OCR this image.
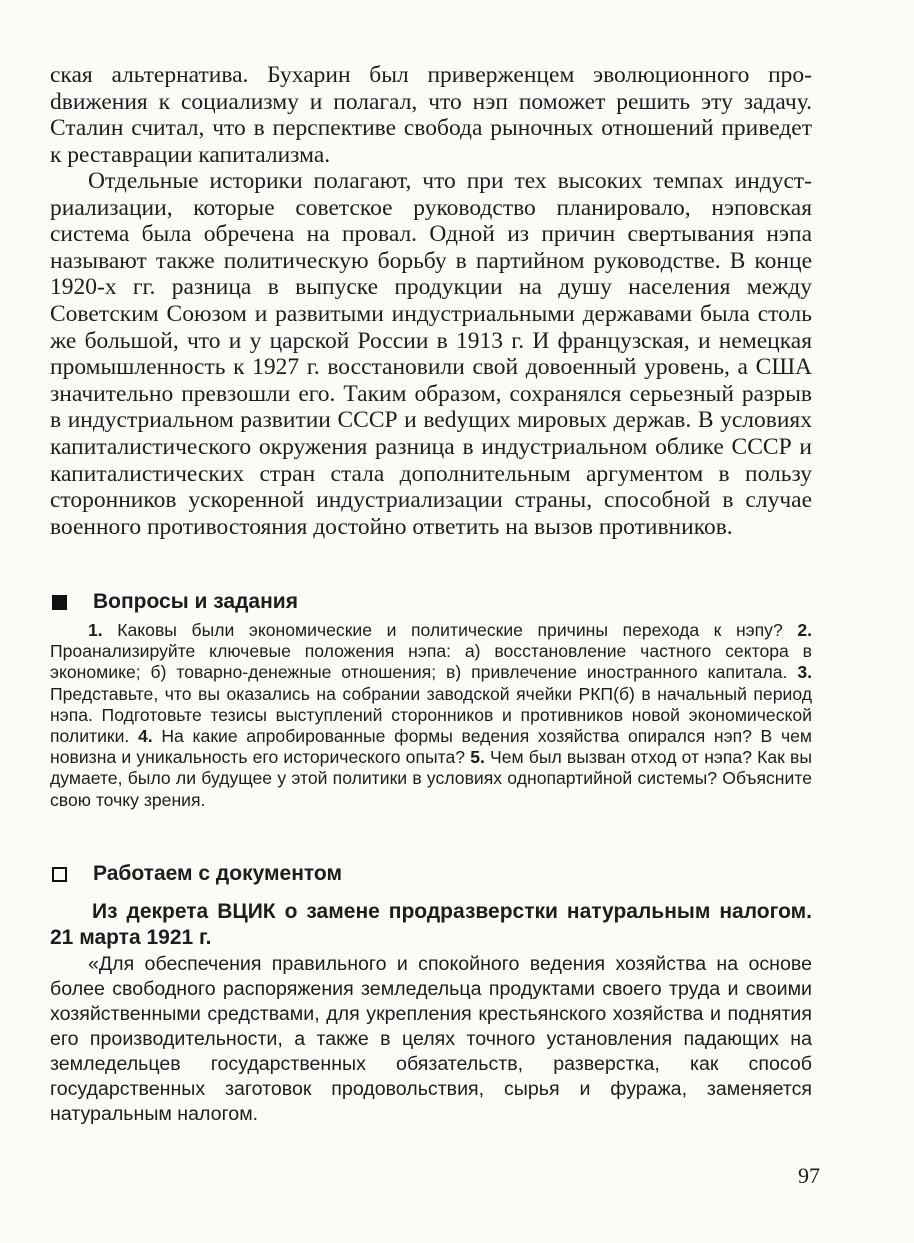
ская альтернатива. Бухарин был приверженцем эволюционного проdвижения к социализму и полагал, что нэп поможет решить эту задачу. Сталин считал, что в перспективе свобода рыночных отношений приведет к реставрации капитализма.

Отдельные историки полагают, что при тех высоких темпах индустриализации, которые советское руководство планировало, нэповская система была обречена на провал. Одной из причин свертывания нэпа называют также политическую борьбу в партийном руководстве. В конце 1920-х гг. разница в выпуске продукции на душу населения между Советским Союзом и развитыми индустриальными державами была столь же большой, что и у царской России в 1913 г. И французская, и немецкая промышленность к 1927 г. восстановили свой довоенный уровень, а США значительно превзошли его. Таким образом, сохранялся серьезный разрыв в индустриальном развитии СССР и веdущих мировых держав. В условиях капиталистического окружения разница в индустриальном облике СССР и капиталистических стран стала дополнительным аргументом в пользу сторонников ускоренной индустриализации страны, способной в случае военного противостояния достойно ответить на вызов противников.

Вопросы и задания

1. Каковы были экономические и политические причины перехода к нэпу? 2. Проанализируйте ключевые положения нэпа: а) восстановление частного сектора в экономике; б) товарно-денежные отношения; в) привлечение иностранного капитала. 3. Представьте, что вы оказались на собрании заводской ячейки РКП(б) в начальный период нэпа. Подготовьте тезисы выступлений сторонников и противников новой экономической политики. 4. На какие апробированные формы ведения хозяйства опирался нэп? В чем новизна и уникальность его исторического опыта? 5. Чем был вызван отход от нэпа? Как вы думаете, было ли будущее у этой политики в условиях однопартийной системы? Объясните свою точку зрения.

Работаем с документом

Из декрета ВЦИК о замене продразверстки натуральным налогом. 21 марта 1921 г.

«Для обеспечения правильного и спокойного ведения хозяйства на основе более свободного распоряжения земледельца продуктами своего труда и своими хозяйственными средствами, для укрепления крестьянского хозяйства и поднятия его производительности, а также в целях точного установления падающих на земледельцев государственных обязательств, разверстка, как способ государственных заготовок продовольствия, сырья и фуража, заменяется натуральным налогом.

97
